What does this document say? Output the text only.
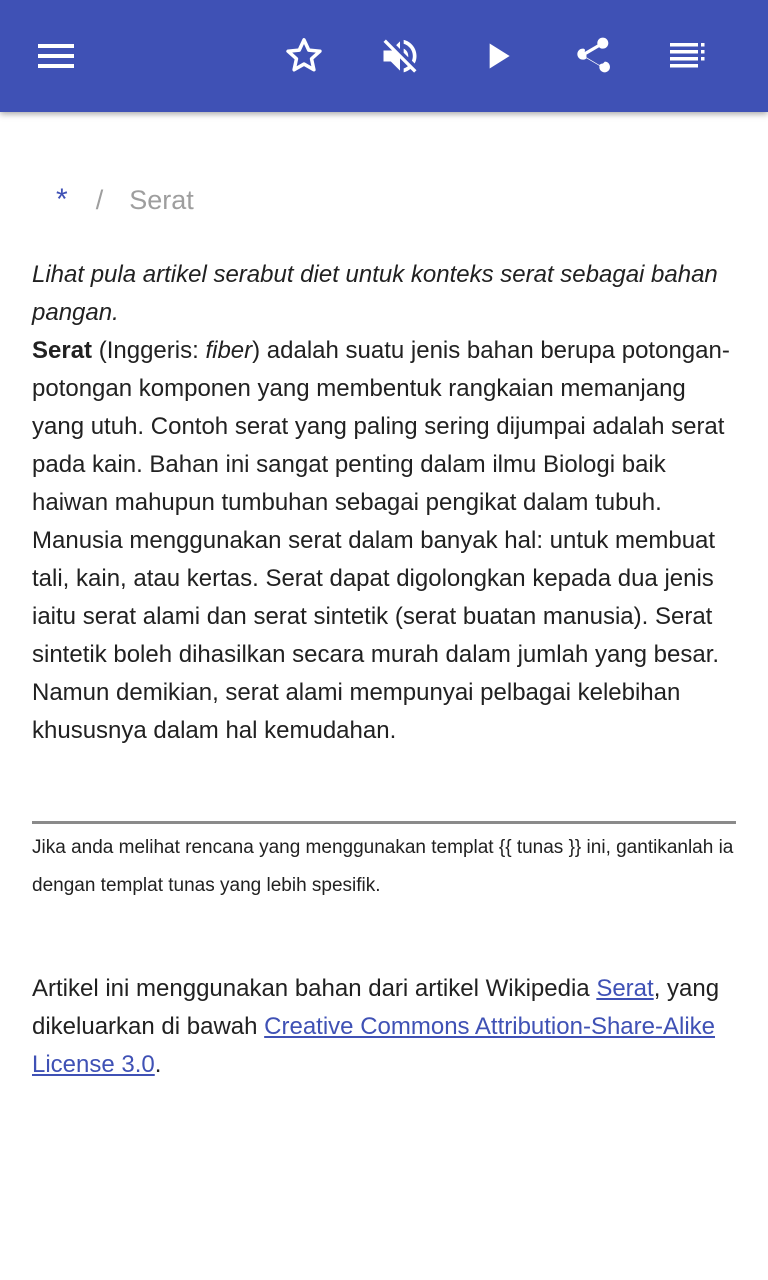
* / Serat

Lihat pula artikel serabut diet untuk konteks serat sebagai bahan pangan.

Serat (Inggeris: fiber) adalah suatu jenis bahan berupa potongan-potongan komponen yang membentuk rangkaian memanjang yang utuh. Contoh serat yang paling sering dijumpai adalah serat pada kain. Bahan ini sangat penting dalam ilmu Biologi baik haiwan mahupun tumbuhan sebagai pengikat dalam tubuh. Manusia menggunakan serat dalam banyak hal: untuk membuat tali, kain, atau kertas. Serat dapat digolongkan kepada dua jenis iaitu serat alami dan serat sintetik (serat buatan manusia). Serat sintetik boleh dihasilkan secara murah dalam jumlah yang besar. Namun demikian, serat alami mempunyai pelbagai kelebihan khususnya dalam hal kemudahan.

Jika anda melihat rencana yang menggunakan templat {{ tunas }} ini, gantikanlah ia dengan templat tunas yang lebih spesifik.
Artikel ini menggunakan bahan dari artikel Wikipedia Serat, yang dikeluarkan di bawah Creative Commons Attribution-Share-Alike License 3.0.
